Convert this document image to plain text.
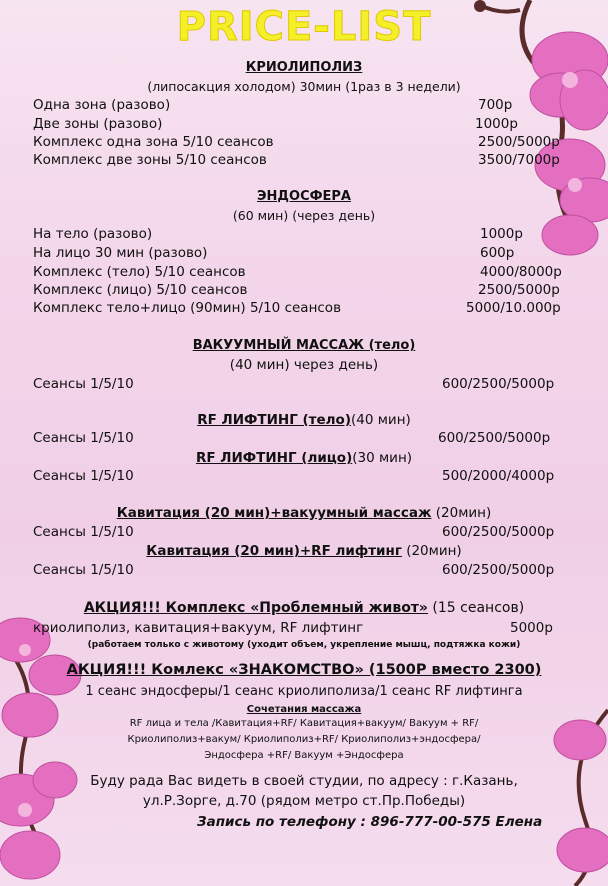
PRICE-LIST
КРИОЛИПОЛИЗ
(липосакция холодом) 30мин (1раз в 3 недели)
Одна зона (разово)	700р
Две зоны (разово)	1000р
Комплекс одна зона 5/10 сеансов	2500/5000р
Комплекс две зоны 5/10 сеансов	3500/7000р
ЭНДОСФЕРА
(60 мин) (через день)
На тело (разово)	1000р
На лицо 30 мин (разово)	600р
Комплекс (тело) 5/10 сеансов	4000/8000р
Комплекс (лицо) 5/10 сеансов	2500/5000р
Комплекс тело+лицо (90мин) 5/10 сеансов	5000/10.000р
ВАКУУМНЫЙ МАССАЖ (тело)
(40 мин) через день)
Сеансы 1/5/10	600/2500/5000р
RF ЛИФТИНГ (тело)(40 мин)
Сеансы 1/5/10	600/2500/5000р
RF ЛИФТИНГ (лицо)(30 мин)
Сеансы 1/5/10	500/2000/4000р
Кавитация (20 мин)+вакуумный массаж (20мин)
Сеансы 1/5/10	600/2500/5000р
Кавитация (20 мин)+RF лифтинг (20мин)
Сеансы 1/5/10	600/2500/5000р
АКЦИЯ!!! Комплекс «Проблемный живот» (15 сеансов)
криолиполиз, кавитация+вакуум, RF лифтинг	5000р
(работаем только с животому (уходит объем, укрепление мышц, подтяжка кожи)
АКЦИЯ!!! Комлекс «ЗНАКОМСТВО» (1500Р вместо 2300)
1 сеанс эндосферы/1 сеанс криолиполиза/1 сеанс RF лифтинга
Сочетания массажа
RF лица и тела /Кавитация+RF/ Кавитация+вакуум/ Вакуум + RF/
Криолиполиз+вакум/ Криолиполиз+RF/ Криолиполиз+эндосфера/
Эндосфера +RF/ Вакуум +Эндосфера
Буду рада Вас видеть в своей студии, по адресу : г.Казань,
ул.Р.Зорге, д.70 (рядом метро ст.Пр.Победы)
Запись по телефону : 896-777-00-575 Елена
